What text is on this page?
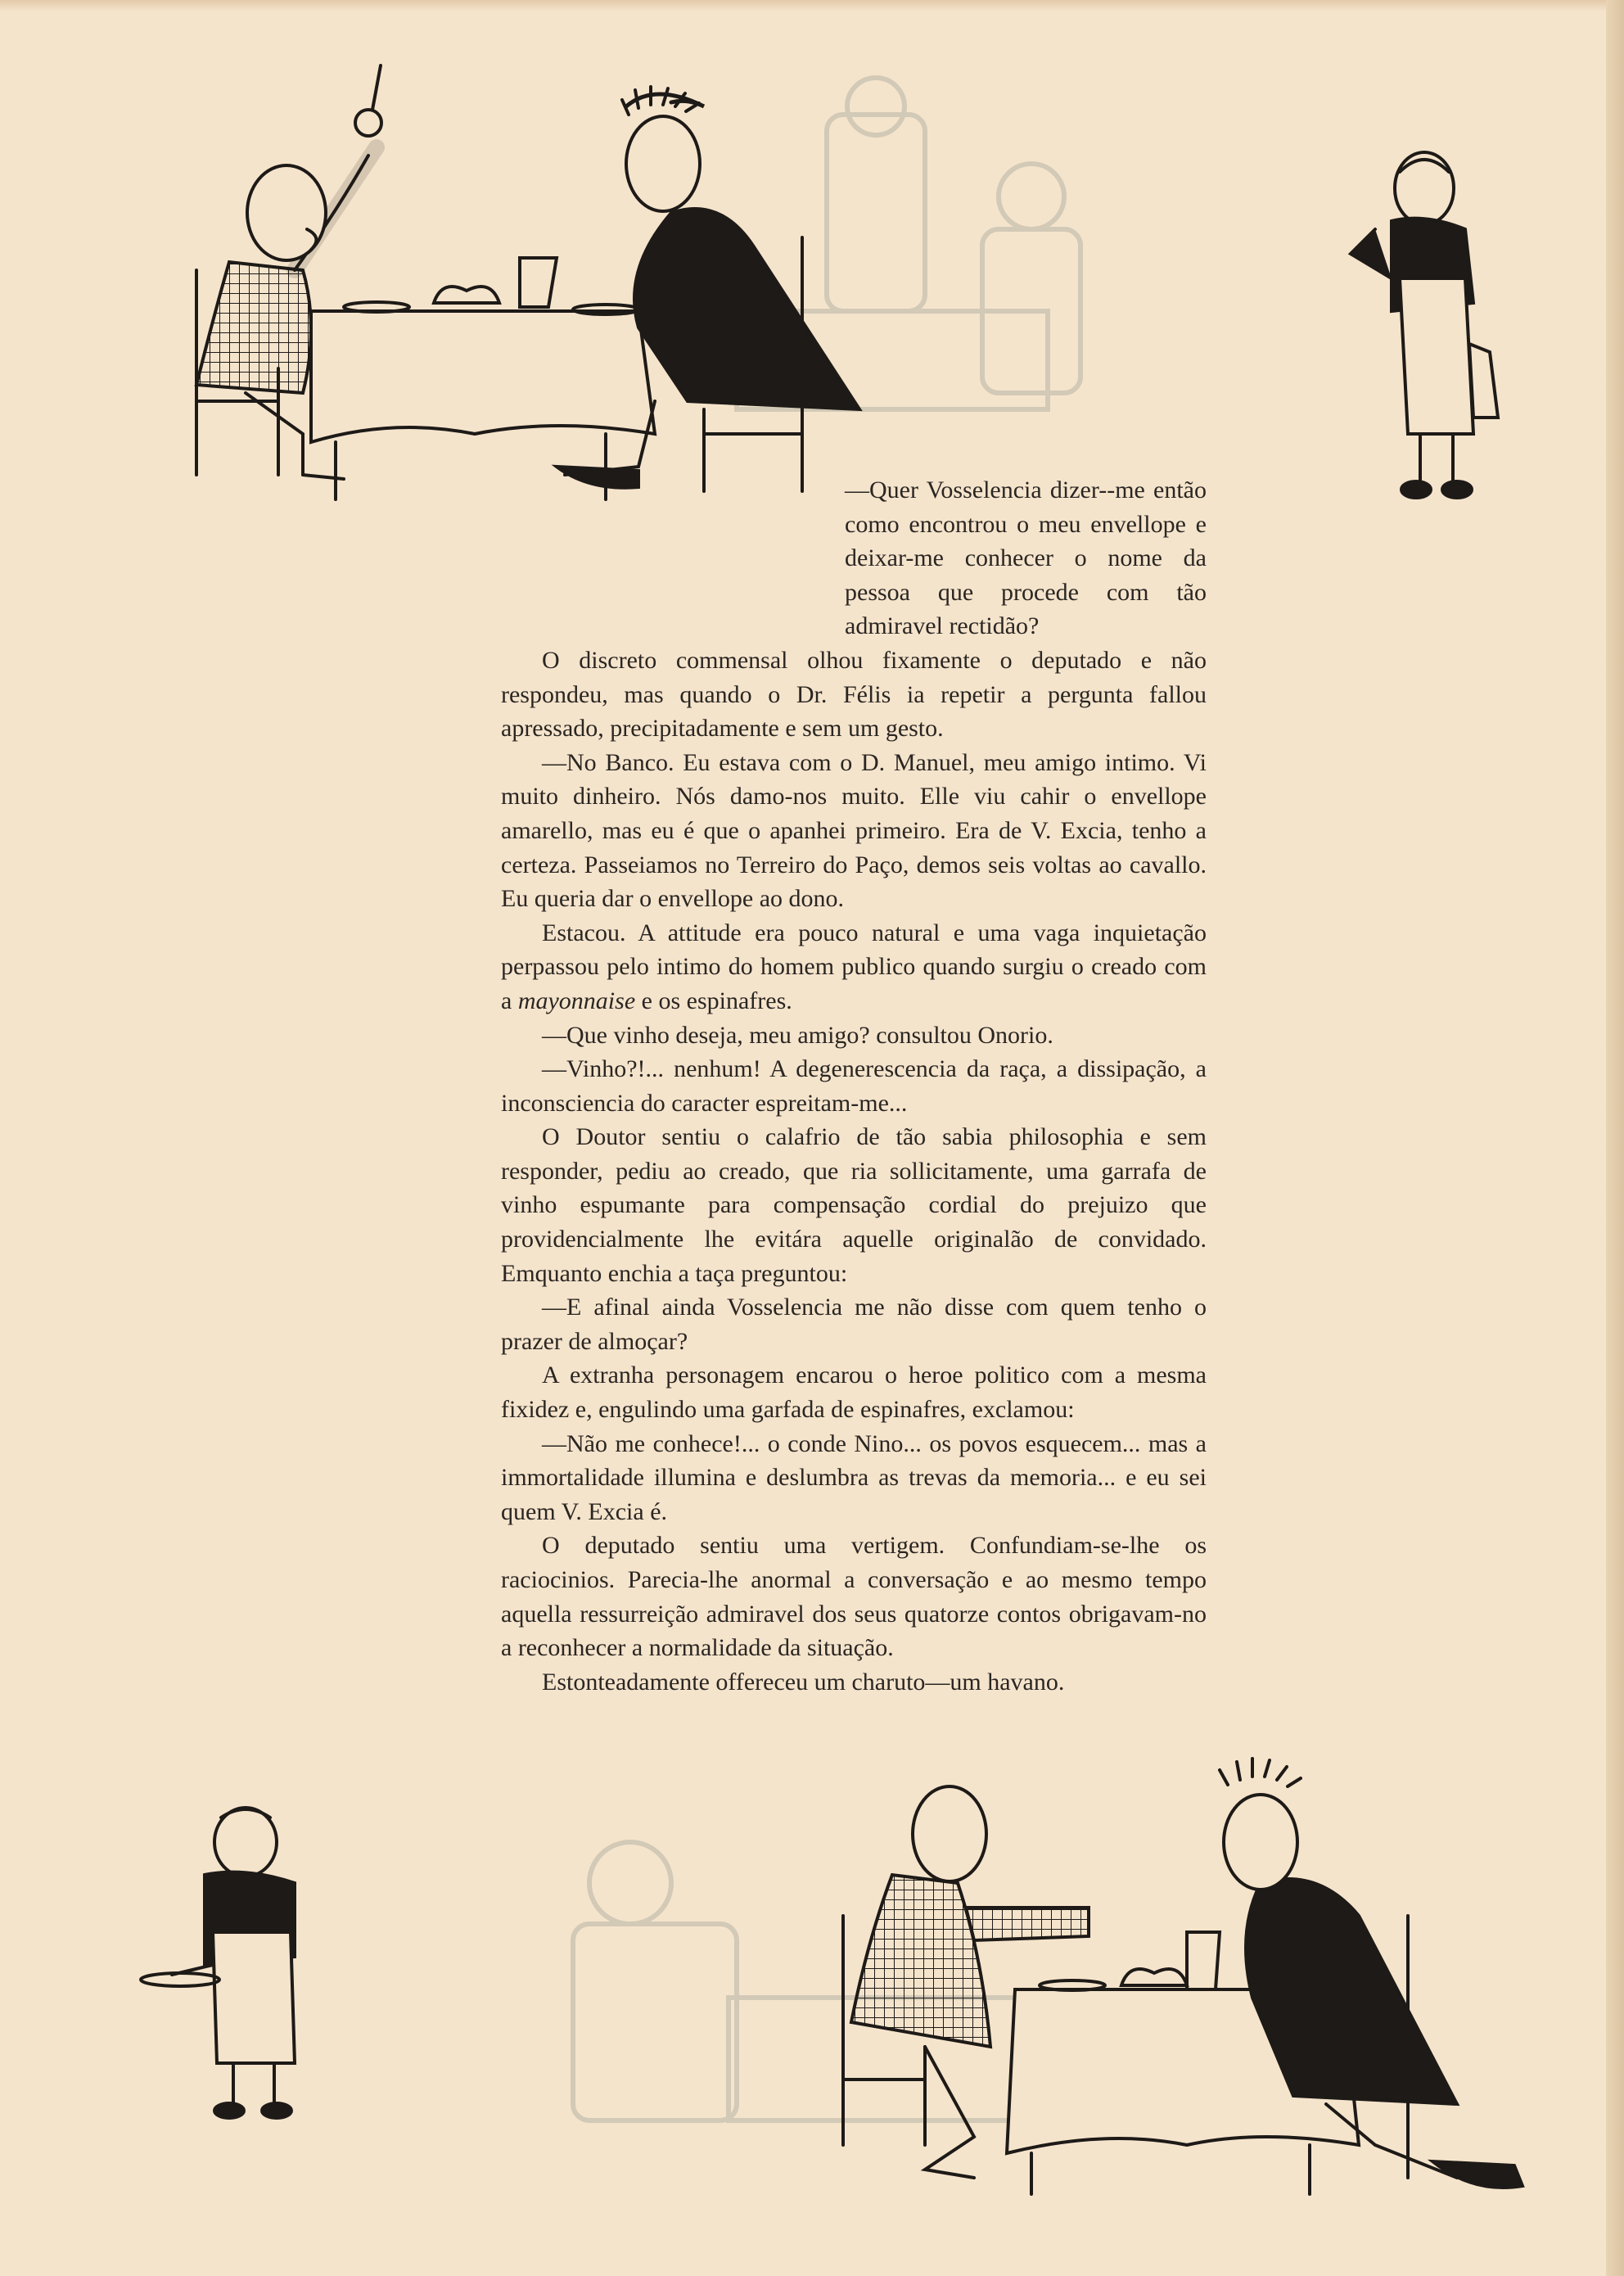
—Quer Vosselencia dizer--me então como encontrou o meu envellope e deixar-me conhecer o nome da pessoa que procede com tão admiravel rectidão?

O discreto commensal olhou fixamente o deputado e não respondeu, mas quando o Dr. Félis ia repetir a pergunta fallou apressado, precipitadamente e sem um gesto.

—No Banco. Eu estava com o D. Manuel, meu amigo intimo. Vi muito dinheiro. Nós damo-nos muito. Elle viu cahir o envellope amarello, mas eu é que o apanhei primeiro. Era de V. Excia, tenho a certeza. Passeiamos no Terreiro do Paço, demos seis voltas ao cavallo. Eu queria dar o envellope ao dono.

Estacou. A attitude era pouco natural e uma vaga inquietação perpassou pelo intimo do homem publico quando surgiu o creado com a mayonnaise e os espinafres.

—Que vinho deseja, meu amigo? consultou Onorio.

—Vinho?!... nenhum! A degenerescencia da raça, a dissipação, a inconsciencia do caracter espreitam-me...

O Doutor sentiu o calafrio de tão sabia philosophia e sem responder, pediu ao creado, que ria sollicitamente, uma garrafa de vinho espumante para compensação cordial do prejuizo que providencialmente lhe evitára aquelle originalão de convidado. Emquanto enchia a taça preguntou:

—E afinal ainda Vosselencia me não disse com quem tenho o prazer de almoçar?

A extranha personagem encarou o heroe politico com a mesma fixidez e, engulindo uma garfada de espinafres, exclamou:

—Não me conhece!... o conde Nino... os povos esquecem... mas a immortalidade illumina e deslumbra as trevas da memoria... e eu sei quem V. Excia é.

O deputado sentiu uma vertigem. Confundiam-se-lhe os raciocinios. Parecia-lhe anormal a conversação e ao mesmo tempo aquella ressurreição admiravel dos seus quatorze contos obrigavam-no a reconhecer a normalidade da situação.

Estonteadamente offereceu um charuto—um havano.
